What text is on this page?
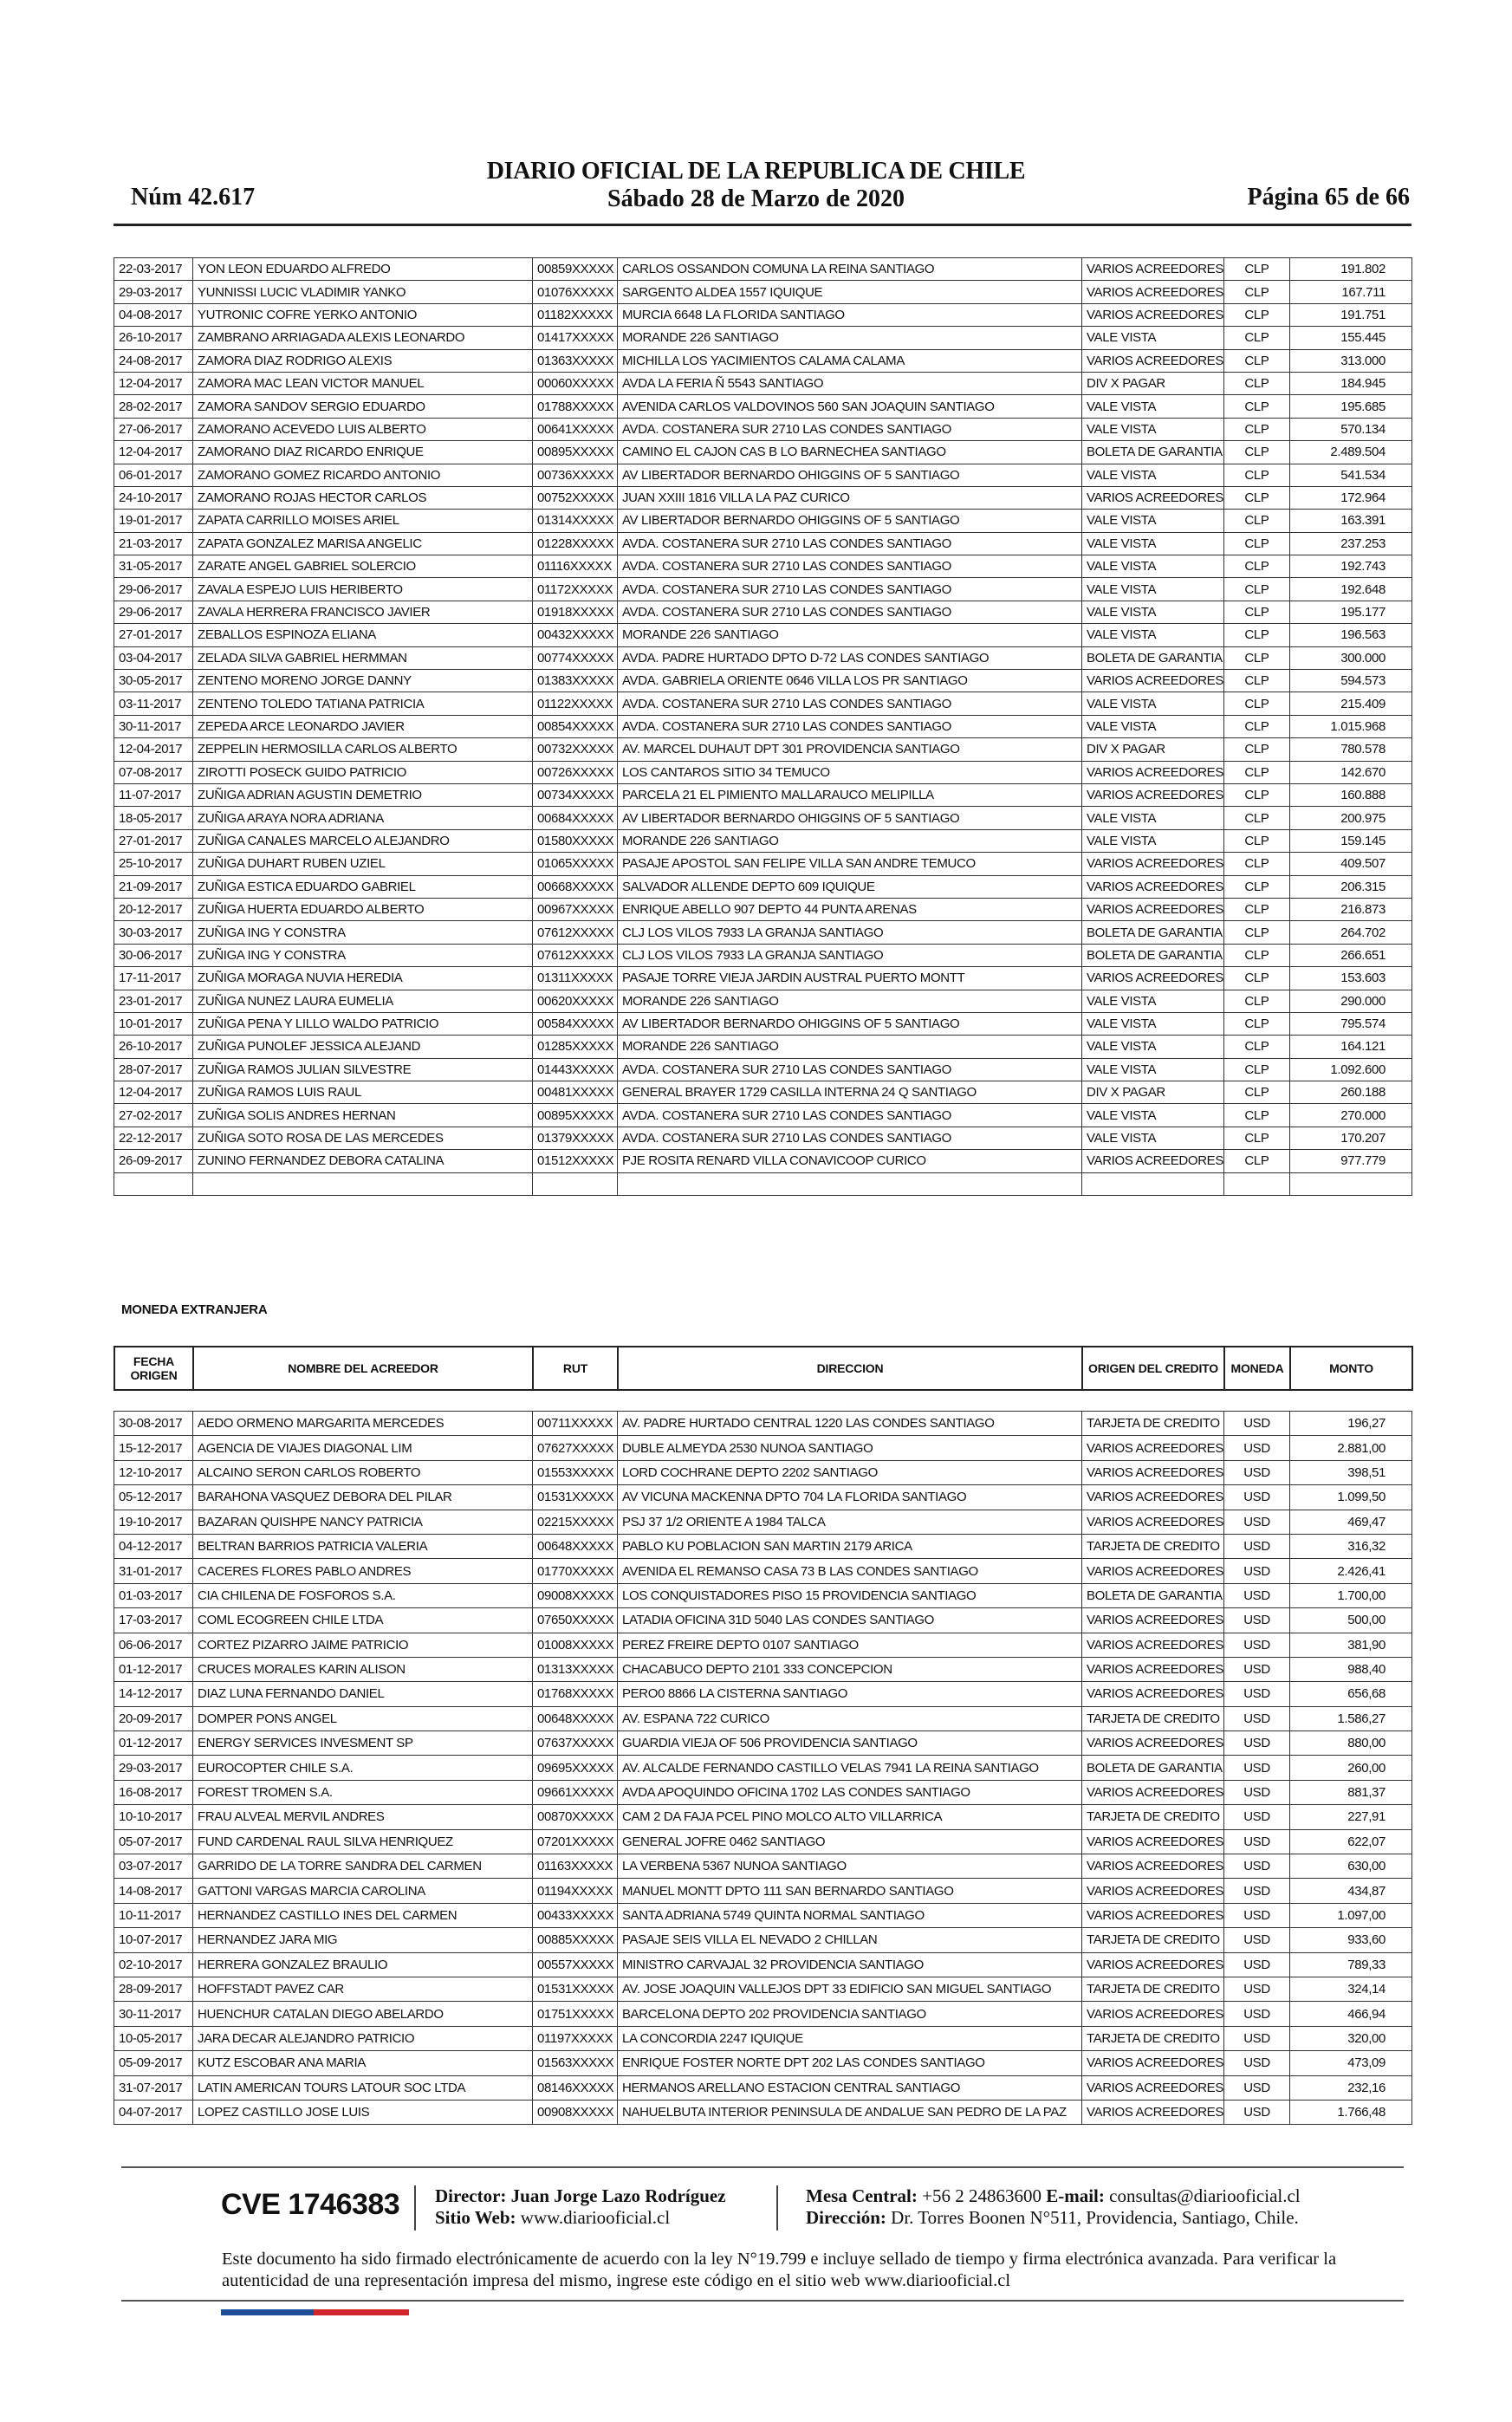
DIARIO OFICIAL DE LA REPUBLICA DE CHILE
Núm 42.617	Sábado 28 de Marzo de 2020	Página 65 de 66
22-03-2017	YON LEON EDUARDO ALFREDO	00859XXXXX	CARLOS OSSANDON COMUNA LA REINA SANTIAGO	VARIOS ACREEDORES	CLP	191.802
29-03-2017	YUNNISSI LUCIC VLADIMIR YANKO	01076XXXXX	SARGENTO ALDEA 1557 IQUIQUE	VARIOS ACREEDORES	CLP	167.711
04-08-2017	YUTRONIC COFRE YERKO ANTONIO	01182XXXXX	MURCIA 6648 LA FLORIDA SANTIAGO	VARIOS ACREEDORES	CLP	191.751
26-10-2017	ZAMBRANO ARRIAGADA ALEXIS LEONARDO	01417XXXXX	MORANDE 226 SANTIAGO	VALE VISTA	CLP	155.445
24-08-2017	ZAMORA DIAZ RODRIGO ALEXIS	01363XXXXX	MICHILLA LOS YACIMIENTOS CALAMA CALAMA	VARIOS ACREEDORES	CLP	313.000
12-04-2017	ZAMORA MAC LEAN VICTOR MANUEL	00060XXXXX	AVDA LA FERIA Ñ 5543 SANTIAGO	DIV X PAGAR	CLP	184.945
28-02-2017	ZAMORA SANDOV SERGIO EDUARDO	01788XXXXX	AVENIDA CARLOS VALDOVINOS 560 SAN JOAQUIN SANTIAGO	VALE VISTA	CLP	195.685
27-06-2017	ZAMORANO ACEVEDO LUIS ALBERTO	00641XXXXX	AVDA. COSTANERA SUR 2710 LAS CONDES SANTIAGO	VALE VISTA	CLP	570.134
12-04-2017	ZAMORANO DIAZ RICARDO ENRIQUE	00895XXXXX	CAMINO EL CAJON CAS B LO BARNECHEA SANTIAGO	BOLETA DE GARANTIA	CLP	2.489.504
06-01-2017	ZAMORANO GOMEZ RICARDO ANTONIO	00736XXXXX	AV LIBERTADOR BERNARDO OHIGGINS OF 5 SANTIAGO	VALE VISTA	CLP	541.534
24-10-2017	ZAMORANO ROJAS HECTOR CARLOS	00752XXXXX	JUAN XXIII 1816 VILLA LA PAZ CURICO	VARIOS ACREEDORES	CLP	172.964
19-01-2017	ZAPATA CARRILLO MOISES ARIEL	01314XXXXX	AV LIBERTADOR BERNARDO OHIGGINS OF 5 SANTIAGO	VALE VISTA	CLP	163.391
21-03-2017	ZAPATA GONZALEZ MARISA ANGELIC	01228XXXXX	AVDA. COSTANERA SUR 2710 LAS CONDES SANTIAGO	VALE VISTA	CLP	237.253
31-05-2017	ZARATE ANGEL GABRIEL SOLERCIO	01116XXXXX	AVDA. COSTANERA SUR 2710 LAS CONDES SANTIAGO	VALE VISTA	CLP	192.743
29-06-2017	ZAVALA ESPEJO LUIS HERIBERTO	01172XXXXX	AVDA. COSTANERA SUR 2710 LAS CONDES SANTIAGO	VALE VISTA	CLP	192.648
29-06-2017	ZAVALA HERRERA FRANCISCO JAVIER	01918XXXXX	AVDA. COSTANERA SUR 2710 LAS CONDES SANTIAGO	VALE VISTA	CLP	195.177
27-01-2017	ZEBALLOS ESPINOZA ELIANA	00432XXXXX	MORANDE 226 SANTIAGO	VALE VISTA	CLP	196.563
03-04-2017	ZELADA SILVA GABRIEL HERMMAN	00774XXXXX	AVDA. PADRE HURTADO DPTO D-72 LAS CONDES SANTIAGO	BOLETA DE GARANTIA	CLP	300.000
30-05-2017	ZENTENO MORENO JORGE DANNY	01383XXXXX	AVDA. GABRIELA ORIENTE 0646 VILLA LOS PR SANTIAGO	VARIOS ACREEDORES	CLP	594.573
03-11-2017	ZENTENO TOLEDO TATIANA PATRICIA	01122XXXXX	AVDA. COSTANERA SUR 2710 LAS CONDES SANTIAGO	VALE VISTA	CLP	215.409
30-11-2017	ZEPEDA ARCE LEONARDO JAVIER	00854XXXXX	AVDA. COSTANERA SUR 2710 LAS CONDES SANTIAGO	VALE VISTA	CLP	1.015.968
12-04-2017	ZEPPELIN HERMOSILLA CARLOS ALBERTO	00732XXXXX	AV. MARCEL DUHAUT DPT 301 PROVIDENCIA SANTIAGO	DIV X PAGAR	CLP	780.578
07-08-2017	ZIROTTI POSECK GUIDO PATRICIO	00726XXXXX	LOS CANTAROS SITIO 34 TEMUCO	VARIOS ACREEDORES	CLP	142.670
11-07-2017	ZUÑIGA ADRIAN AGUSTIN DEMETRIO	00734XXXXX	PARCELA 21 EL PIMIENTO MALLARAUCO MELIPILLA	VARIOS ACREEDORES	CLP	160.888
18-05-2017	ZUÑIGA ARAYA NORA ADRIANA	00684XXXXX	AV LIBERTADOR BERNARDO OHIGGINS OF 5 SANTIAGO	VALE VISTA	CLP	200.975
27-01-2017	ZUÑIGA CANALES MARCELO ALEJANDRO	01580XXXXX	MORANDE 226 SANTIAGO	VALE VISTA	CLP	159.145
25-10-2017	ZUÑIGA DUHART RUBEN UZIEL	01065XXXXX	PASAJE APOSTOL SAN FELIPE VILLA SAN ANDRE TEMUCO	VARIOS ACREEDORES	CLP	409.507
21-09-2017	ZUÑIGA ESTICA EDUARDO GABRIEL	00668XXXXX	SALVADOR ALLENDE DEPTO 609 IQUIQUE	VARIOS ACREEDORES	CLP	206.315
20-12-2017	ZUÑIGA HUERTA EDUARDO ALBERTO	00967XXXXX	ENRIQUE ABELLO 907 DEPTO 44 PUNTA ARENAS	VARIOS ACREEDORES	CLP	216.873
30-03-2017	ZUÑIGA ING Y CONSTRA	07612XXXXX	CLJ LOS VILOS 7933 LA GRANJA SANTIAGO	BOLETA DE GARANTIA	CLP	264.702
30-06-2017	ZUÑIGA ING Y CONSTRA	07612XXXXX	CLJ LOS VILOS 7933 LA GRANJA SANTIAGO	BOLETA DE GARANTIA	CLP	266.651
17-11-2017	ZUÑIGA MORAGA NUVIA HEREDIA	01311XXXXX	PASAJE TORRE VIEJA JARDIN AUSTRAL PUERTO MONTT	VARIOS ACREEDORES	CLP	153.603
23-01-2017	ZUÑIGA NUNEZ LAURA EUMELIA	00620XXXXX	MORANDE 226 SANTIAGO	VALE VISTA	CLP	290.000
10-01-2017	ZUÑIGA PENA Y LILLO WALDO PATRICIO	00584XXXXX	AV LIBERTADOR BERNARDO OHIGGINS OF 5 SANTIAGO	VALE VISTA	CLP	795.574
26-10-2017	ZUÑIGA PUNOLEF JESSICA ALEJAND	01285XXXXX	MORANDE 226 SANTIAGO	VALE VISTA	CLP	164.121
28-07-2017	ZUÑIGA RAMOS JULIAN SILVESTRE	01443XXXXX	AVDA. COSTANERA SUR 2710 LAS CONDES SANTIAGO	VALE VISTA	CLP	1.092.600
12-04-2017	ZUÑIGA RAMOS LUIS RAUL	00481XXXXX	GENERAL BRAYER 1729 CASILLA INTERNA 24 Q SANTIAGO	DIV X PAGAR	CLP	260.188
27-02-2017	ZUÑIGA SOLIS ANDRES HERNAN	00895XXXXX	AVDA. COSTANERA SUR 2710 LAS CONDES SANTIAGO	VALE VISTA	CLP	270.000
22-12-2017	ZUÑIGA SOTO ROSA DE LAS MERCEDES	01379XXXXX	AVDA. COSTANERA SUR 2710 LAS CONDES SANTIAGO	VALE VISTA	CLP	170.207
26-09-2017	ZUNINO FERNANDEZ DEBORA CATALINA	01512XXXXX	PJE ROSITA RENARD VILLA CONAVICOOP CURICO	VARIOS ACREEDORES	CLP	977.779

MONEDA EXTRANJERA
FECHA ORIGEN	NOMBRE DEL ACREEDOR	RUT	DIRECCION	ORIGEN DEL CREDITO	MONEDA	MONTO
30-08-2017	AEDO ORMENO MARGARITA MERCEDES	00711XXXXX	AV. PADRE HURTADO CENTRAL 1220 LAS CONDES SANTIAGO	TARJETA DE CREDITO	USD	196,27
15-12-2017	AGENCIA DE VIAJES DIAGONAL LIM	07627XXXXX	DUBLE ALMEYDA 2530 NUNOA SANTIAGO	VARIOS ACREEDORES	USD	2.881,00
12-10-2017	ALCAINO SERON CARLOS ROBERTO	01553XXXXX	LORD COCHRANE DEPTO 2202 SANTIAGO	VARIOS ACREEDORES	USD	398,51
05-12-2017	BARAHONA VASQUEZ DEBORA DEL PILAR	01531XXXXX	AV VICUNA MACKENNA DPTO 704 LA FLORIDA SANTIAGO	VARIOS ACREEDORES	USD	1.099,50
19-10-2017	BAZARAN QUISHPE NANCY PATRICIA	02215XXXXX	PSJ 37 1/2 ORIENTE A 1984 TALCA	VARIOS ACREEDORES	USD	469,47
04-12-2017	BELTRAN BARRIOS PATRICIA VALERIA	00648XXXXX	PABLO KU POBLACION SAN MARTIN 2179 ARICA	TARJETA DE CREDITO	USD	316,32
31-01-2017	CACERES FLORES PABLO ANDRES	01770XXXXX	AVENIDA EL REMANSO CASA 73 B LAS CONDES SANTIAGO	VARIOS ACREEDORES	USD	2.426,41
01-03-2017	CIA CHILENA DE FOSFOROS S.A.	09008XXXXX	LOS CONQUISTADORES PISO 15 PROVIDENCIA SANTIAGO	BOLETA DE GARANTIA	USD	1.700,00
17-03-2017	COML ECOGREEN CHILE LTDA	07650XXXXX	LATADIA OFICINA 31D 5040 LAS CONDES SANTIAGO	VARIOS ACREEDORES	USD	500,00
06-06-2017	CORTEZ PIZARRO JAIME PATRICIO	01008XXXXX	PEREZ FREIRE DEPTO 0107 SANTIAGO	VARIOS ACREEDORES	USD	381,90
01-12-2017	CRUCES MORALES KARIN ALISON	01313XXXXX	CHACABUCO DEPTO 2101 333 CONCEPCION	VARIOS ACREEDORES	USD	988,40
14-12-2017	DIAZ LUNA FERNANDO DANIEL	01768XXXXX	PERO0 8866 LA CISTERNA SANTIAGO	VARIOS ACREEDORES	USD	656,68
20-09-2017	DOMPER PONS ANGEL	00648XXXXX	AV. ESPANA 722 CURICO	TARJETA DE CREDITO	USD	1.586,27
01-12-2017	ENERGY SERVICES INVESMENT SP	07637XXXXX	GUARDIA VIEJA OF 506 PROVIDENCIA SANTIAGO	VARIOS ACREEDORES	USD	880,00
29-03-2017	EUROCOPTER CHILE S.A.	09695XXXXX	AV. ALCALDE FERNANDO CASTILLO VELAS 7941 LA REINA SANTIAGO	BOLETA DE GARANTIA	USD	260,00
16-08-2017	FOREST TROMEN S.A.	09661XXXXX	AVDA APOQUINDO OFICINA 1702 LAS CONDES SANTIAGO	VARIOS ACREEDORES	USD	881,37
10-10-2017	FRAU ALVEAL MERVIL ANDRES	00870XXXXX	CAM 2 DA FAJA PCEL PINO MOLCO ALTO VILLARRICA	TARJETA DE CREDITO	USD	227,91
05-07-2017	FUND CARDENAL RAUL SILVA HENRIQUEZ	07201XXXXX	GENERAL JOFRE 0462 SANTIAGO	VARIOS ACREEDORES	USD	622,07
03-07-2017	GARRIDO DE LA TORRE SANDRA DEL CARMEN	01163XXXXX	LA VERBENA 5367 NUNOA SANTIAGO	VARIOS ACREEDORES	USD	630,00
14-08-2017	GATTONI VARGAS MARCIA CAROLINA	01194XXXXX	MANUEL MONTT DPTO 111 SAN BERNARDO SANTIAGO	VARIOS ACREEDORES	USD	434,87
10-11-2017	HERNANDEZ CASTILLO INES DEL CARMEN	00433XXXXX	SANTA ADRIANA 5749 QUINTA NORMAL SANTIAGO	VARIOS ACREEDORES	USD	1.097,00
10-07-2017	HERNANDEZ JARA MIG	00885XXXXX	PASAJE SEIS VILLA EL NEVADO 2 CHILLAN	TARJETA DE CREDITO	USD	933,60
02-10-2017	HERRERA GONZALEZ BRAULIO	00557XXXXX	MINISTRO CARVAJAL 32 PROVIDENCIA SANTIAGO	VARIOS ACREEDORES	USD	789,33
28-09-2017	HOFFSTADT PAVEZ CAR	01531XXXXX	AV. JOSE JOAQUIN VALLEJOS DPT 33 EDIFICIO SAN MIGUEL SANTIAGO	TARJETA DE CREDITO	USD	324,14
30-11-2017	HUENCHUR CATALAN DIEGO ABELARDO	01751XXXXX	BARCELONA DEPTO 202 PROVIDENCIA SANTIAGO	VARIOS ACREEDORES	USD	466,94
10-05-2017	JARA DECAR ALEJANDRO PATRICIO	01197XXXXX	LA CONCORDIA 2247 IQUIQUE	TARJETA DE CREDITO	USD	320,00
05-09-2017	KUTZ ESCOBAR ANA MARIA	01563XXXXX	ENRIQUE FOSTER NORTE DPT 202 LAS CONDES SANTIAGO	VARIOS ACREEDORES	USD	473,09
31-07-2017	LATIN AMERICAN TOURS LATOUR SOC LTDA	08146XXXXX	HERMANOS ARELLANO ESTACION CENTRAL SANTIAGO	VARIOS ACREEDORES	USD	232,16
04-07-2017	LOPEZ CASTILLO JOSE LUIS	00908XXXXX	NAHUELBUTA INTERIOR PENINSULA DE ANDALUE SAN PEDRO DE LA PAZ	VARIOS ACREEDORES	USD	1.766,48
CVE 1746383 Director: Juan Jorge Lazo Rodríguez
Sitio Web: www.diariooficial.cl
Mesa Central: +56 2 24863600 E-mail: consultas@diariooficial.cl
Dirección: Dr. Torres Boonen N°511, Providencia, Santiago, Chile.
Este documento ha sido firmado electrónicamente de acuerdo con la ley N°19.799 e incluye sellado de tiempo y firma electrónica avanzada. Para verificar la autenticidad de una representación impresa del mismo, ingrese este código en el sitio web www.diariooficial.cl
